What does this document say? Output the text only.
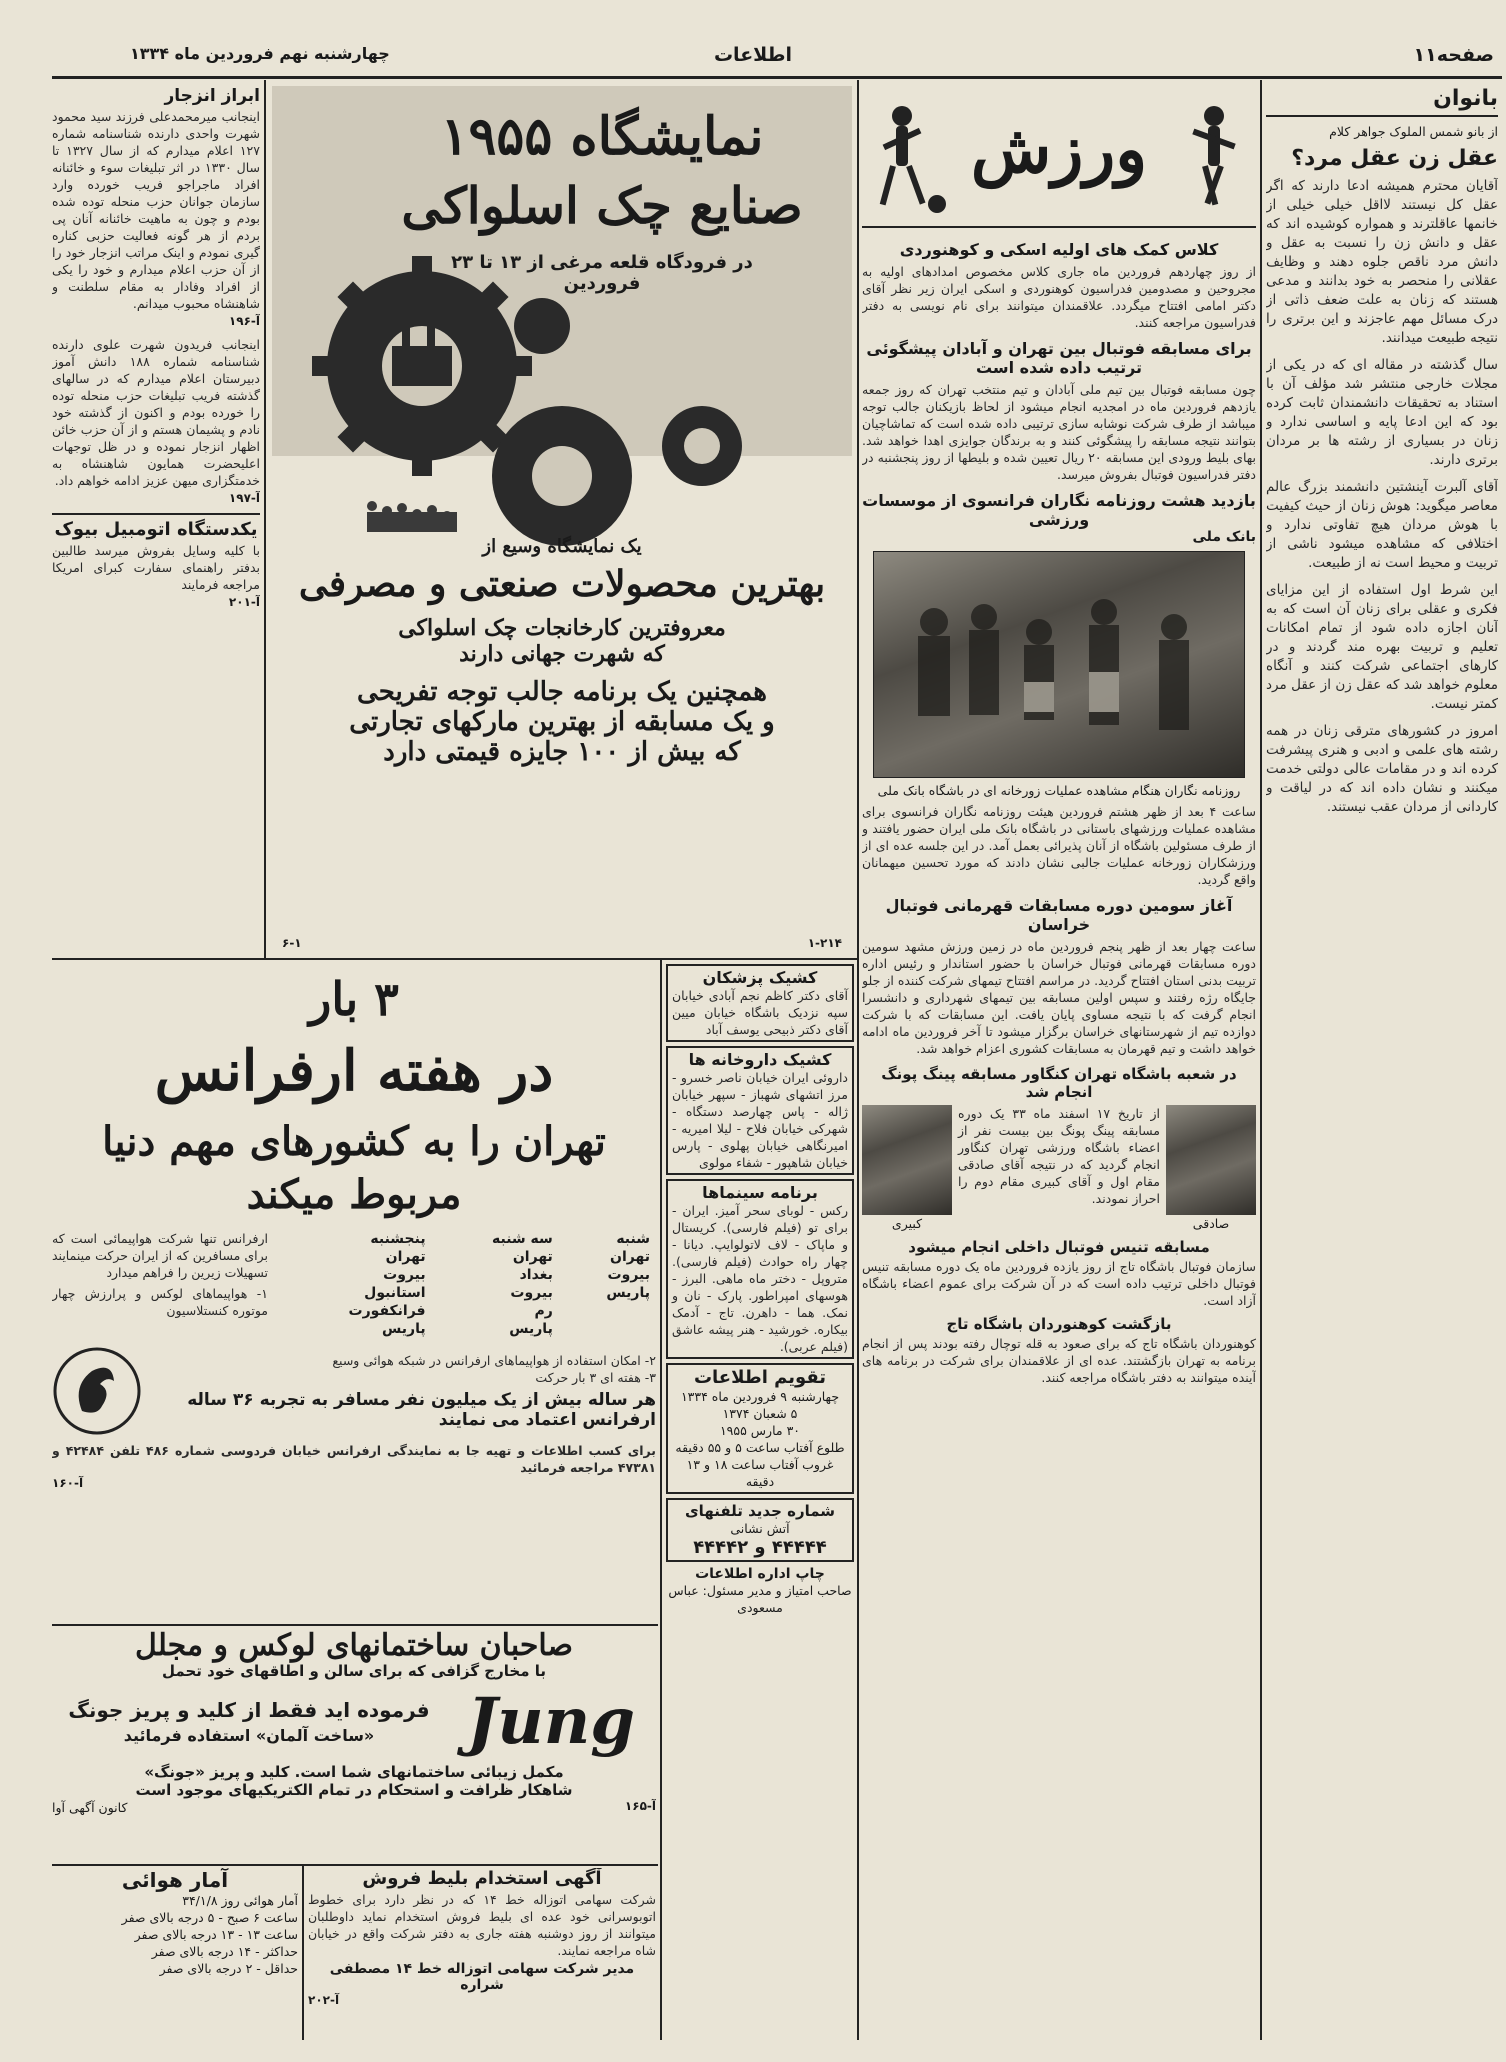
صفحه۱۱
اطلاعات
چهارشنبه نهم فروردین ماه ۱۳۳۴
بانوان
از بانو شمس الملوک جواهر کلام
عقل زن عقل مرد؟

آقایان محترم همیشه ادعا دارند که اگر عقل کل نیستند لااقل خیلی خیلی از خانمها عاقلترند و همواره کوشیده اند که عقل و دانش زن را نسبت به عقل و دانش مرد ناقص جلوه دهند و وظایف عقلانی را منحصر به خود بدانند و مدعی هستند که زنان به علت ضعف ذاتی از درک مسائل مهم عاجزند و این برتری را نتیجه طبیعت میدانند.

سال گذشته در مقاله ای که در یکی از مجلات خارجی منتشر شد مؤلف آن با استناد به تحقیقات دانشمندان ثابت کرده بود که این ادعا پایه و اساسی ندارد و زنان در بسیاری از رشته ها بر مردان برتری دارند.

آقای آلبرت آینشتین دانشمند بزرگ عالم معاصر میگوید: هوش زنان از حیث کیفیت با هوش مردان هیچ تفاوتی ندارد و اختلافی که مشاهده میشود ناشی از تربیت و محیط است نه از طبیعت.

این شرط اول استفاده از این مزایای فکری و عقلی برای زنان آن است که به آنان اجازه داده شود از تمام امکانات تعلیم و تربیت بهره مند گردند و در کارهای اجتماعی شرکت کنند و آنگاه معلوم خواهد شد که عقل زن از عقل مرد کمتر نیست.

امروز در کشورهای مترقی زنان در همه رشته های علمی و ادبی و هنری پیشرفت کرده اند و در مقامات عالی دولتی خدمت میکنند و نشان داده اند که در لیاقت و کاردانی از مردان عقب نیستند.

ورزش
کلاس کمک های اولیه اسکی و کوهنوردی

از روز چهاردهم فروردین ماه جاری کلاس مخصوص امدادهای اولیه به مجروحین و مصدومین فدراسیون کوهنوردی و اسکی ایران زیر نظر آقای دکتر امامی افتتاح میگردد. علاقمندان میتوانند برای نام نویسی به دفتر فدراسیون مراجعه کنند.

برای مسابقه فوتبال بین تهران و آبادان پیشگوئی ترتیب داده شده است

چون مسابقه فوتبال بین تیم ملی آبادان و تیم منتخب تهران که روز جمعه یازدهم فروردین ماه در امجدیه انجام میشود از لحاظ بازیکنان جالب توجه میباشد از طرف شرکت نوشابه سازی ترتیبی داده شده است که تماشاچیان بتوانند نتیجه مسابقه را پیشگوئی کنند و به برندگان جوایزی اهدا خواهد شد. بهای بلیط ورودی این مسابقه ۲۰ ریال تعیین شده و بلیطها از روز پنجشنبه در دفتر فدراسیون فوتبال بفروش میرسد.

بازدید هشت روزنامه نگاران فرانسوی از موسسات ورزشی
بانک ملی
روزنامه نگاران هنگام مشاهده عملیات زورخانه ای در باشگاه بانک ملی

ساعت ۴ بعد از ظهر هشتم فروردین هیئت روزنامه نگاران فرانسوی برای مشاهده عملیات ورزشهای باستانی در باشگاه بانک ملی ایران حضور یافتند و از طرف مسئولین باشگاه از آنان پذیرائی بعمل آمد. در این جلسه عده ای از ورزشکاران زورخانه عملیات جالبی نشان دادند که مورد تحسین میهمانان واقع گردید.

آغاز سومین دوره مسابقات قهرمانی فوتبال خراسان

ساعت چهار بعد از ظهر پنجم فروردین ماه در زمین ورزش مشهد سومین دوره مسابقات قهرمانی فوتبال خراسان با حضور استاندار و رئیس اداره تربیت بدنی استان افتتاح گردید. در مراسم افتتاح تیمهای شرکت کننده از جلو جایگاه رژه رفتند و سپس اولین مسابقه بین تیمهای شهرداری و دانشسرا انجام گرفت که با نتیجه مساوی پایان یافت. این مسابقات که با شرکت دوازده تیم از شهرستانهای خراسان برگزار میشود تا آخر فروردین ماه ادامه خواهد داشت و تیم قهرمان به مسابقات کشوری اعزام خواهد شد.

در شعبه باشگاه تهران کنگاور مسابقه پینگ پونگ انجام شد
صادقی

از تاریخ ۱۷ اسفند ماه ۳۳ یک دوره مسابقه پینگ پونگ بین بیست نفر از اعضاء باشگاه ورزشی تهران کنگاور انجام گردید که در نتیجه آقای صادقی مقام اول و آقای کبیری مقام دوم را احراز نمودند.

کبیری
مسابقه تنیس فوتبال داخلی انجام میشود

سازمان فوتبال باشگاه تاج از روز یازده فروردین ماه یک دوره مسابقه تنیس فوتبال داخلی ترتیب داده است که در آن شرکت برای عموم اعضاء باشگاه آزاد است.

بازگشت کوهنوردان باشگاه تاج

کوهنوردان باشگاه تاج که برای صعود به قله توچال رفته بودند پس از انجام برنامه به تهران بازگشتند. عده ای از علاقمندان برای شرکت در برنامه های آینده میتوانند به دفتر باشگاه مراجعه کنند.

نمایشگاه ۱۹۵۵
صنایع چک اسلواکی
در فرودگاه قلعه مرغی از ۱۳ تا ۲۳ فروردین
یک نمایشگاه وسیع از
بهترین محصولات صنعتی و مصرفی
معروفترین کارخانجات چک اسلواکی
که شهرت جهانی دارند
همچنین یک برنامه جالب توجه تفریحی
و یک مسابقه از بهترین مارکهای تجارتی
که بیش از ۱۰۰ جایزه قیمتی دارد
۶-۱	۱-۲۱۴
ابراز انزجار

اینجانب میرمحمدعلی فرزند سید محمود شهرت واحدی دارنده شناسنامه شماره ۱۲۷ اعلام میدارم که از سال ۱۳۲۷ تا سال ۱۳۳۰ در اثر تبلیغات سوء و خائنانه افراد ماجراجو فریب خورده وارد سازمان جوانان حزب منحله توده شده بودم و چون به ماهیت خائنانه آنان پی بردم از هر گونه فعالیت حزبی کناره گیری نمودم و اینک مراتب انزجار خود را از آن حزب اعلام میدارم و خود را یکی از افراد وفادار به مقام سلطنت و شاهنشاه محبوب میدانم.

آ-۱۹۶

اینجانب فریدون شهرت علوی دارنده شناسنامه شماره ۱۸۸ دانش آموز دبیرستان اعلام میدارم که در سالهای گذشته فریب تبلیغات حزب منحله توده را خورده بودم و اکنون از گذشته خود نادم و پشیمان هستم و از آن حزب خائن اظهار انزجار نموده و در ظل توجهات اعلیحضرت همایون شاهنشاه به خدمتگزاری میهن عزیز ادامه خواهم داد.

آ-۱۹۷
یکدستگاه اتومبیل بیوک

با کلیه وسایل بفروش میرسد طالبین بدفتر راهنمای سفارت کبرای امریکا مراجعه فرمایند

آ-۲۰۱
۳ بار
در هفته ارفرانس
تهران را به کشورهای مهم دنیا
مربوط میکند
شنبه	سه شنبه	پنجشنبه
تهران	تهران	تهران
بیروت	بغداد	بیروت
پاریس	بیروت	استانبول
	رم	فرانکفورت
	پاریس	پاریس

ارفرانس تنها شرکت هواپیمائی است که برای مسافرین که از ایران حرکت مینمایند تسهیلات زیرین را فراهم میدارد

۱- هواپیماهای لوکس و پرارزش چهار موتوره کنستلاسیون

۲- امکان استفاده از هواپیماهای ارفرانس در شبکه هوائی وسیع

۳- هفته ای ۳ بار حرکت

هر ساله بیش از یک میلیون نفر مسافر به تجربه ۳۶ ساله ارفرانس اعتماد می نمایند

برای کسب اطلاعات و تهیه جا به نمایندگی ارفرانس خیابان فردوسی شماره ۴۸۶ تلفن ۴۲۴۸۴ و ۴۷۳۸۱ مراجعه فرمائید

آ-۱۶۰
کشیک پزشکان

آقای دکتر کاظم نجم آبادی خیابان سپه نزدیک باشگاه خیابان میین آقای دکتر ذبیحی یوسف آباد

کشیک داروخانه ها

داروئی ایران خیابان ناصر خسرو - مرز اتشهای شهباز - سپهر خیابان ژاله - پاس چهارصد دستگاه - شهرکی خیابان فلاح - لیلا امیریه - امیرنگاهی خیابان پهلوی - پارس خیابان شاهپور - شفاء مولوی

برنامه سینماها

رکس - لوبای سحر آمیز. ایران - برای تو (فیلم فارسی). کریستال و ماپاک - لاف لاتولوایپ. دیانا - چهار راه حوادث (فیلم فارسی). متروپل - دختر ماه ماهی. البرز - هوسهای امپراطور. پارک - نان و نمک. هما - داهرن. تاج - آدمک بیکاره. خورشید - هنر پیشه عاشق (فیلم عربی).

تقویم اطلاعات
چهارشنبه ۹ فروردین ماه ۱۳۳۴
۵ شعبان ۱۳۷۴
۳۰ مارس ۱۹۵۵
طلوع آفتاب ساعت ۵ و ۵۵ دقیقه
غروب آفتاب ساعت ۱۸ و ۱۳ دقیقه
شماره جدید تلفنهای
آتش نشانی
۴۴۴۴۴ و ۴۴۴۴۲
چاپ اداره اطلاعات
صاحب امتیاز و مدیر مسئول: عباس مسعودی
صاحبان ساختمانهای لوکس و مجلل
با مخارج گزافی که برای سالن و اطاقهای خود تحمل
Jung
فرموده اید فقط از کلید و پریز جونگ
«ساخت آلمان» استفاده فرمائید
مکمل زیبائی ساختمانهای شما است. کلید و پریز «جونگ»
شاهکار ظرافت و استحکام در تمام الکتریکیهای موجود است
آ-۱۶۵
کانون آگهی آوا
آگهی استخدام بلیط فروش

شرکت سهامی اتوزاله خط ۱۴ که در نظر دارد برای خطوط اتوبوسرانی خود عده ای بلیط فروش استخدام نماید داوطلبان میتوانند از روز دوشنبه هفته جاری به دفتر شرکت واقع در خیابان شاه مراجعه نمایند.

مدیر شرکت سهامی اتوزاله خط ۱۴ مصطفی شراره
آ-۲۰۲
آمار هوائی
آمار هوائی روز ۳۴/۱/۸
ساعت ۶ صبح - ۵ درجه بالای صفر
ساعت ۱۳ - ۱۳ درجه بالای صفر
حداکثر - ۱۴ درجه بالای صفر
حداقل - ۲ درجه بالای صفر
